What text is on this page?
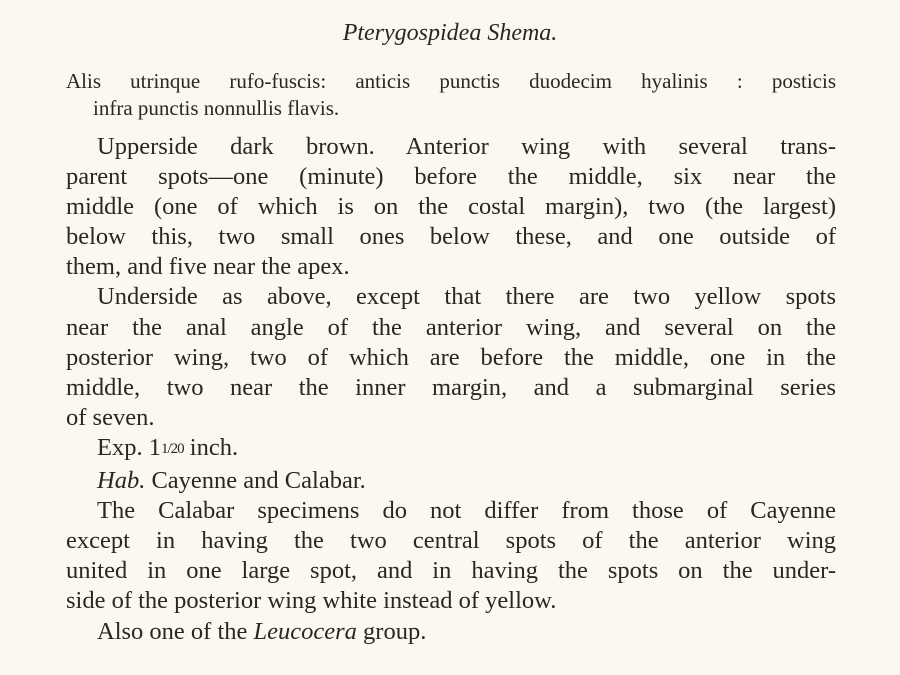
Pterygospidea Shema.
Alis utrinque rufo-fuscis: anticis punctis duodecim hyalinis : posticis
infra punctis nonnullis flavis.
Upperside dark brown. Anterior wing with several trans-
parent spots—one (minute) before the middle, six near the
middle (one of which is on the costal margin), two (the largest)
below this, two small ones below these, and one outside of
them, and five near the apex.
Underside as above, except that there are two yellow spots
near the anal angle of the anterior wing, and several on the
posterior wing, two of which are before the middle, one in the
middle, two near the inner margin, and a submarginal series
of seven.
Exp. 11/20 inch.
Hab. Cayenne and Calabar.
The Calabar specimens do not differ from those of Cayenne
except in having the two central spots of the anterior wing
united in one large spot, and in having the spots on the under-
side of the posterior wing white instead of yellow.
Also one of the Leucocera group.
